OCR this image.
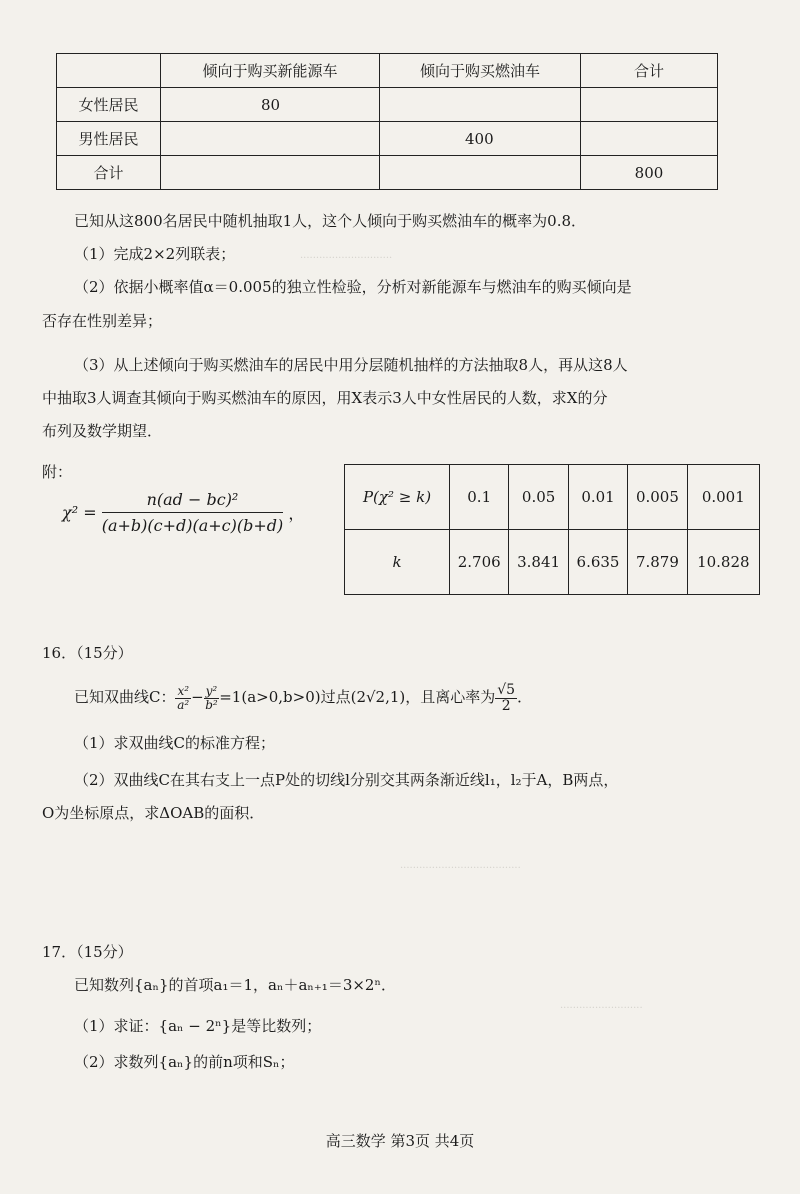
.............................
......................................
..........................
	倾向于购买新能源车	倾向于购买燃油车	合计
女性居民	80		
男性居民		400	
合计			800
已知从这800名居民中随机抽取1人，这个人倾向于购买燃油车的概率为0.8．
（1）完成2×2列联表；
（2）依据小概率值α＝0.005的独立性检验，分析对新能源车与燃油车的购买倾向是
否存在性别差异；
（3）从上述倾向于购买燃油车的居民中用分层随机抽样的方法抽取8人，再从这8人
中抽取3人调查其倾向于购买燃油车的原因，用X表示3人中女性居民的人数，求X的分
布列及数学期望．
附：
$\chi^2 = \frac{\text{n(ad − bc)²}}{(a+b)(c+d)(a+c)(b+d)}$ ，
P(χ² ≥ k)	0.1	0.05	0.01	0.005	0.001
k	2.706	3.841	6.635	7.879	10.828
16．（15分）
已知双曲线C： $\frac{\text{x²}}{\text{a²}} - \frac{\text{y²}}{\text{b²}} =1(a>0,b>0)$过点(2√2,1)，且离心率为 $\frac{√5}{2}$ ．
（1）求双曲线C的标准方程；
（2）双曲线C在其右支上一点P处的切线l分别交其两条渐近线l₁，l₂于A，B两点，
O为坐标原点，求ΔOAB的面积．
17．（15分）
已知数列{aₙ}的首项a₁＝1，aₙ＋aₙ₊₁＝3×2ⁿ．
（1）求证：{aₙ − 2ⁿ}是等比数列；
（2）求数列{aₙ}的前n项和Sₙ；
高三数学 第3页 共4页
